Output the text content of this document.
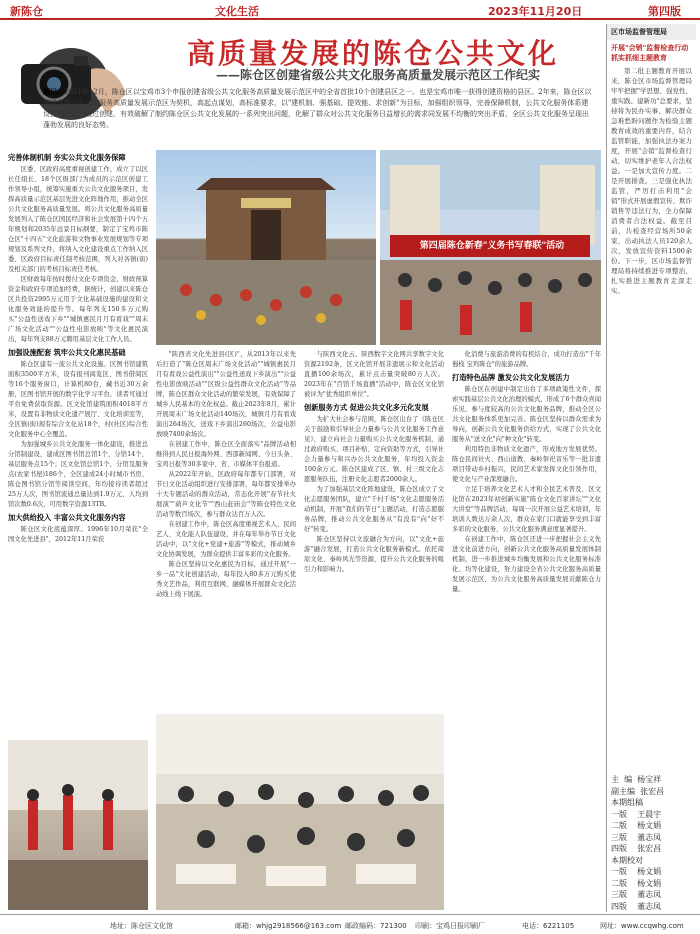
新陈仓	文化生活	2023年11月20日	第四版
高质量发展的陈仓公共文化
——陈仓区创建省级公共文化服务高质量发展示范区工作纪实
题记：2021年12月，陈仓区以宝鸡市3个申报创建省级公共文化服务高质量发展示范区中的全省首批10个创建县区之一。也是宝鸡市唯一获得创建资格的县区。2年来，陈仓区以创建省级公共文化服务高质量发展示范区为契机，高起点谋划，高标准要求，以"建机制、强基础、提效能、求创新"为目标，加强组织领导，完善保障机制，公共文化服务体系建设提档升级，通过创建，有效破解了制约陈仓区公共文化发展的一系列突出问题，化解了群众对公共文化服务日益增长的需求同发展不均衡的突出矛盾，全区公共文化服务呈现出蓬勃发展的良好态势。
完善体制机制 夯实公共文化服务保障

区委、区政府高度重视创建工作，成立了以区长任组长、18个区级部门为成员的示范区创建工作领导小组，统筹实施重大公共文化服务项目，发挥高质量示范区基层先进文化阵地作用，推动全区公共文化服务高质量发展。将公共文化服务高质量发展列入了陈仓区国民经济和社会发展第十四个五年规划和2035年远景目标纲要，制定了宝鸡市陈仓区"十四五"文化旅游和文物事业发展规划等专项规划及系列文件，将纳入文化建设重点工作纳入区委、区政府目标责任制考核范围，列入对各镇(街)及相关部门的考核目标责任考核。

区财政每年按时拨付文化专项资金，财政预算资金和政府专项追加经费，据统计，创建以来陈仓区共投资2995万元用于文化基础设施的建设和文化服务效能的提升等。每年列支150多万元购买"公益性送戏下乡""城镇惠民月月有看戏""周末广场文化活动""公益性电影放映"等文化惠民演出，每年列支88万元聘用基层文化工作人员。

加强设施配套 筑牢公共文化惠民基础

陈仓区建有一流公共文化设施。区图书馆建筑面积3500平方米，设有报刊阅览区、图书借阅区等16个服务窗口，计算机80台，藏书近30万余册，区图书馆开展的数字化学习平台，读者可通过平台免费获取资源。区文化馆建筑面积4018平方米，设置有非物质文化遗产展厅、文化培训室等，全区镇(街)现有综合文化站18个，村(社区)综合性文化服务中心全覆盖。

为加强城乡公共文化服务一体化建设，推进总分馆制建设，建成区图书馆总馆1个，分馆14个，基层服务点15个；区文化馆总馆1个，分馆及服务点(农家书屋)186个，全区建成24小时城市书房、陈仓图书馆分馆等阅读空间，年均接待读者超过25万人次，图书馆流通总量达到1.9万元，人均到馆次数0.6次，可用数字资源13TB。

加大供给投入 丰富公共文化服务内容

陈仓区文化底蕴深厚。1996年10月荣获"全国文化先进县"，2012年11月荣获

第四届陈仓新春"义务书写春联"活动

"陕西省文化先进县(区)"，从2013年以来先后打造了"陈仓区周末广场文化活动""城镇惠民月月有看戏公益性演出""公益性送戏下乡演出""公益性电影放映活动""区级公益性群众文化活动"等品牌，陈仓区群众文化活动的繁荣发展，有效保障了城乡人民基本的文化权益。截止2023年8月，累计开展周末广场文化活动140场次，城镇月月有看戏演出264场次，送戏下乡演出260场次，公益电影放映7400余场次。

在创建工作中，陈仓区全面落实"品牌活动相继得到人民日报海外网、西部新闻网、今日头条、宝鸡日报等30多家中、省、市媒体平台报道。

从2022年开始，区政府每年都专门部署，对节日文化活动组织进行安排部署，每年都安排举办十大专题活动的群众活动，常态化开展"春节社火展演""葫芦文化节""西山赶庙会"等陈仓特色文化活动等数百场次，参与群众达百万人次。

在创建工作中，陈仓区高度重视艺术人、民间艺人、文化能人队伍建设，并在每年举办节日文化活动中，以"文化+党建+旅游"等模式，推动城乡文化协调发展，为群众提供丰富多彩的文化服务。

陈仓区坚持以文化惠民为目标，通过开展"一乡一品"文化创建活动，每年投入80多万元购买优秀文艺作品，利用互联网、融媒体开展群众文化活动线上线下展演。

与陕西文化云、陕西数字文化网共享数字文化资源2192条，区文化馆开展非遗展示和文化活动直播100余场次，累计点击量突破80万人次。2023年在"百馆千场直播"活动中，陈仓区文化馆被评为"优秀组织单位"。

创新服务方式 促进公共文化多元化发展

为扩大社会参与范围，陈仓区出台了《陈仓区关于鼓励和引导社会力量参与公共文化服务工作意见》，建立向社会力量购买公共文化服务机制，通过政府购买、项目补贴、定向资助等方式，引导社会力量参与和兴办公共文化服务，年均投入资金100余万元。陈仓区建成了区、镇、村三级文化志愿服务队伍，注册文化志愿者2000余人。

为了加强基层文化阵地建设，陈仓区成立了文化志愿服务团队，建立"千村千场"文化志愿服务活动机制，开展"我们的节日"主题活动，打造志愿服务品牌，推动公共文化服务从"有没有"向"好不好"转变。

陈仓区坚持以文旅融合为方向，以"文化+旅游"融合发展，打造公共文化服务新模式。依托周原文化、秦岭风光等资源，提升公共文化服务的吸引力和影响力。

化消费与旅游消费的有机结合，成功打造出"千年蜀栈 宝鸡陈仓"的旅游品牌。

打造特色品牌 激发公共文化发展活力

陈仓区在创建中制定出台了多项政策性文件，探索实践基层公共文化治理的模式，形成了6个群众喜闻乐见、参与度较高的公共文化服务品牌，推动全区公共文化服务体系更加完善。陈仓区坚持以群众需求为导向，创新公共文化服务供给方式，实现了公共文化服务从"送文化"向"种文化"转变。

利用特色非物质文化遗产，形成地方发展优势。陈仓民间社火、西山道教、秦岭祭祀音乐等一批非遗项目带动乡村振兴，民间艺术家发挥文化引领作用，使文化与产业深度融合。

立足于培养文化艺术人才和全民艺术普及，区文化馆在2023年初创新实施"陈仓文化百家讲坛""文化大讲堂"等品牌活动，每周一次开展公益艺术培训，年培训人数达万余人次，群众在家门口就能享受到丰富多彩的文化服务，公共文化服务满意度显著提升。

在创建工作中，陈仓区还进一步把握社会主义先进文化前进方向，创新公共文化服务高质量发展体制机制，进一步推进城乡均衡发展和公共文化服务标准化、均等化建设，努力建设全省公共文化服务高质量发展示范区，为公共文化服务高质量发展贡献陈仓力量。

区市场监督管理局
开展"会销"监督检查行动 抓实抓细主题教育
第二批主题教育开展以来，陈仓区市场监督管理局牢牢把握"学思想、强党性、重实践、建新功"总要求，坚持将为民办实事、解决群众急难愁盼问题作为检验主题教育成效的重要内容，结合监管职能，加强执法办案力度，开展"会销"监督检查行动，切实维护老年人合法权益。一是加大宣传力度。二是开展排查。三是强化执法监管，严厉打击利用"会销"形式开展虚假宣传、欺诈销售等违法行为，全力保障消费者合法权益。截至目前，共检查经营场所50余家，出动执法人员120余人次，发放宣传资料1500余份。下一步，区市场监督管理局将持续推进专项整治，扎实推进主题教育走深走实。
主  编  杨宝祥
副主编  张宏昌
本期组稿
一版    王晨宇
二版    杨文娟
三版    董志凤
四版    张宏昌
本期校对
一版    杨文娟
二版    杨文娟
三版    董志凤
四版    董志凤
地址：陈仓区文化馆	邮箱：whjg2918566@163.com 邮政编码：721300 印刷：宝鸡日报印刷厂	电话：6221105	网址：www.ccqwhg.com
